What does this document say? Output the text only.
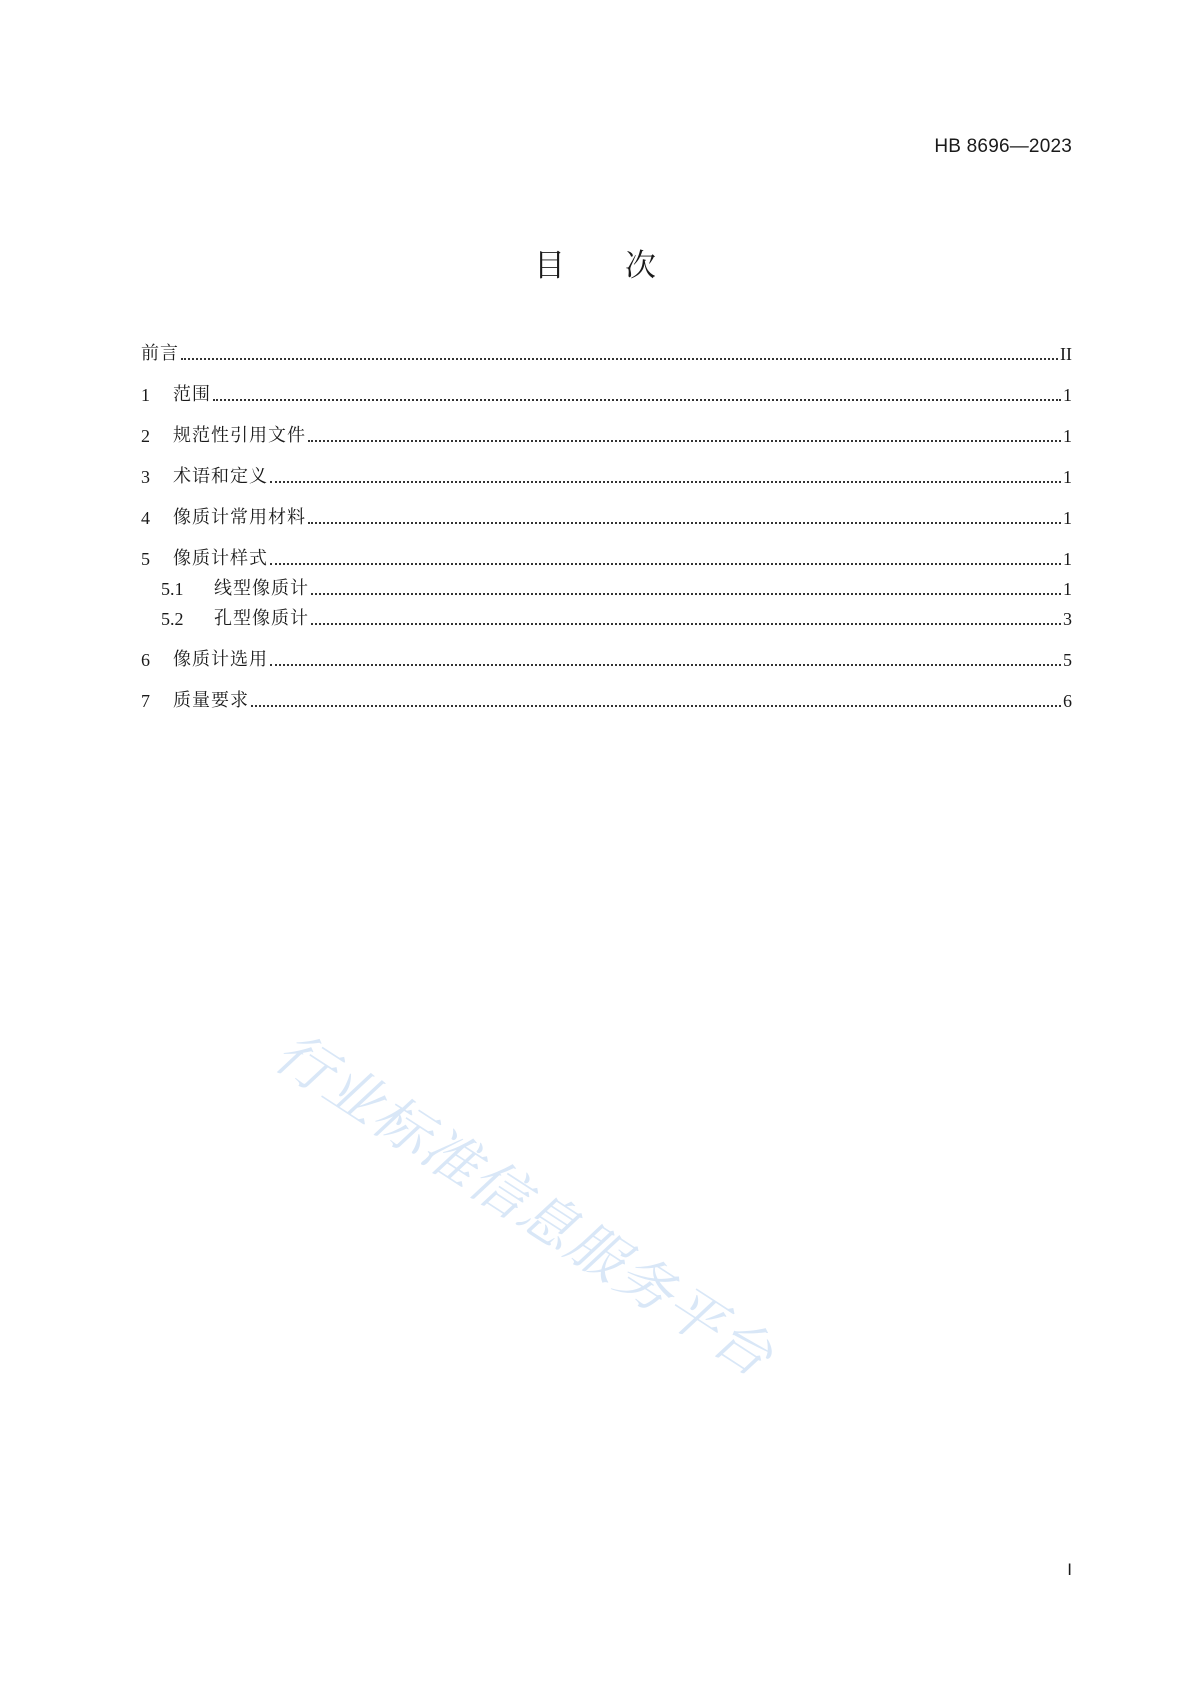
HB 8696—2023
目 次
前言	II
1	范围	1
2	规范性引用文件	1
3	术语和定义	1
4	像质计常用材料	1
5	像质计样式	1
5.1	线型像质计	1
5.2	孔型像质计	3
6	像质计选用	5
7	质量要求	6
行业标准信息服务平台
I
